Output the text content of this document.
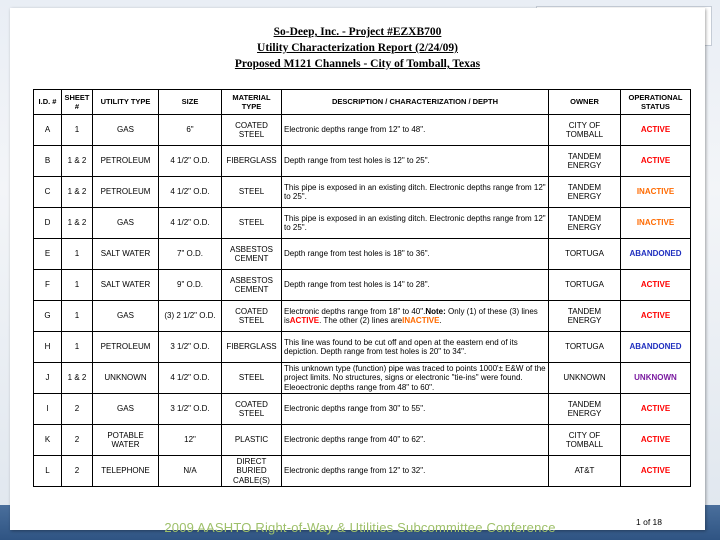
So-Deep, Inc. - Project #EZXB700
Utility Characterization Report (2/24/09)
Proposed M121 Channels - City of Tomball, Texas
I.D. #	SHEET #	UTILITY TYPE	SIZE	MATERIAL TYPE	DESCRIPTION / CHARACTERIZATION / DEPTH	OWNER	OPERATIONAL STATUS
A	1	GAS	6"	COATED STEEL	Electronic depths range from 12" to 48".	CITY OF TOMBALL	ACTIVE
B	1 & 2	PETROLEUM	4 1/2" O.D.	FIBERGLASS	Depth range from test holes is 12" to 25".	TANDEM ENERGY	ACTIVE
C	1 & 2	PETROLEUM	4 1/2" O.D.	STEEL	This pipe is exposed in an existing ditch. Electronic depths range from 12" to 25".	TANDEM ENERGY	INACTIVE
D	1 & 2	GAS	4 1/2" O.D.	STEEL	This pipe is exposed in an existing ditch. Electronic depths range from 12" to 25".	TANDEM ENERGY	INACTIVE
E	1	SALT WATER	7" O.D.	ASBESTOS CEMENT	Depth range from test holes is 18" to 36".	TORTUGA	ABANDONED
F	1	SALT WATER	9" O.D.	ASBESTOS CEMENT	Depth range from test holes is 14" to 28".	TORTUGA	ACTIVE
G	1	GAS	(3) 2 1/2" O.D.	COATED STEEL	Electronic depths range from 18" to 40".Note: Only (1) of these (3) lines isACTIVE. The other (2) lines areINACTIVE.	TANDEM ENERGY	ACTIVE
H	1	PETROLEUM	3 1/2" O.D.	FIBERGLASS	This line was found to be cut off and open at the eastern end of its depiction. Depth range from test holes is 20" to 34".	TORTUGA	ABANDONED
J	1 & 2	UNKNOWN	4 1/2" O.D.	STEEL	This unknown type (function) pipe was traced to points 1000'± E&W of the project limits. No structures, signs or electronic "tie-ins" were found. Eleoectronic depths range from 48" to 60".	UNKNOWN	UNKNOWN
I	2	GAS	3 1/2" O.D.	COATED STEEL	Electronic depths range from 30" to 55".	TANDEM ENERGY	ACTIVE
K	2	POTABLE WATER	12"	PLASTIC	Electronic depths range from 40" to 62".	CITY OF TOMBALL	ACTIVE
L	2	TELEPHONE	N/A	DIRECT BURIED CABLE(S)	Electronic depths range from 12" to 32".	AT&T	ACTIVE
1 of 18
2009 AASHTO Right-of-Way & Utilities Subcommittee Conference
